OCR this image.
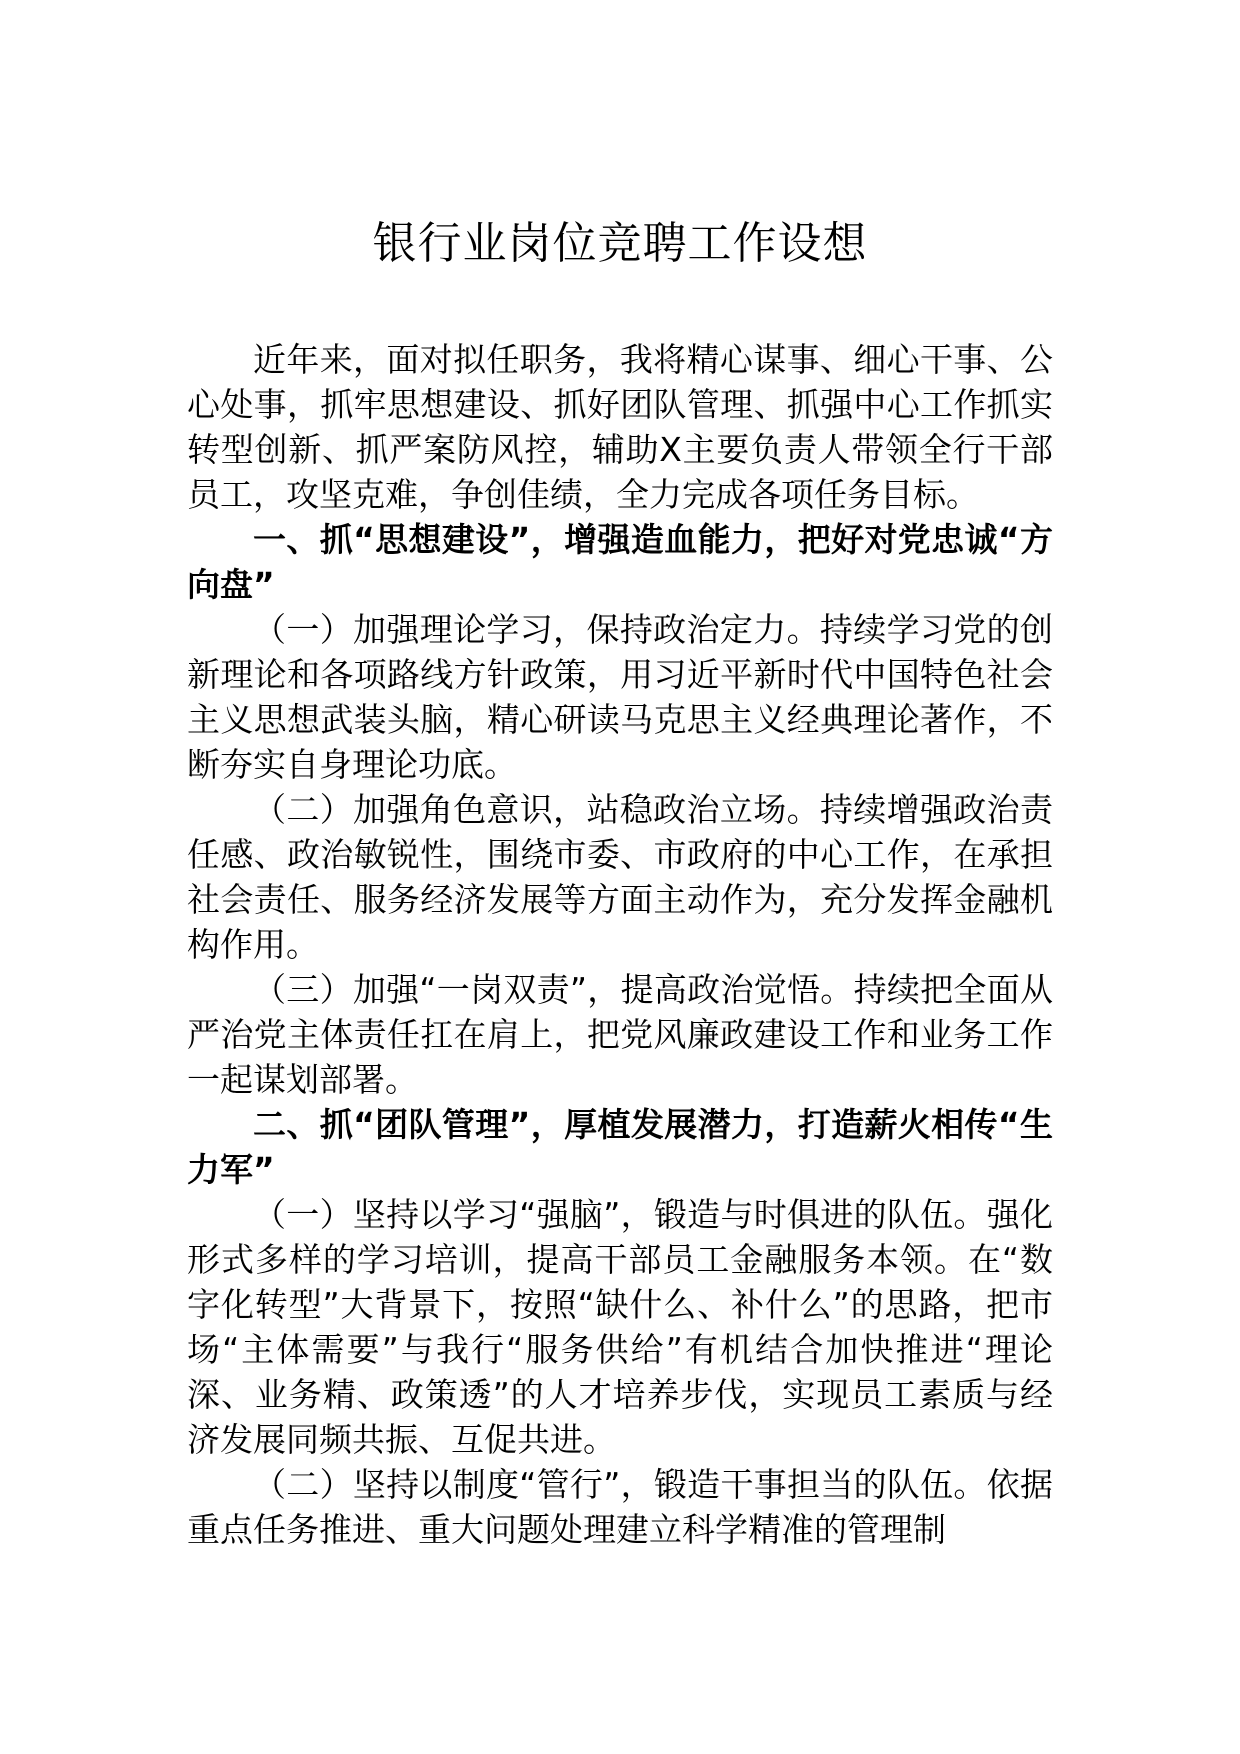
银行业岗位竞聘工作设想

近年来，面对拟任职务，我将精心谋事、细心干事、公心处事，抓牢思想建设、抓好团队管理、抓强中心工作抓实转型创新、抓严案防风控，辅助X主要负责人带领全行干部员工，攻坚克难，争创佳绩，全力完成各项任务目标。

一、抓“思想建设”，增强造血能力，把好对党忠诚“方向盘”

（一）加强理论学习，保持政治定力。持续学习党的创新理论和各项路线方针政策，用习近平新时代中国特色社会主义思想武装头脑，精心研读马克思主义经典理论著作，不断夯实自身理论功底。

（二）加强角色意识，站稳政治立场。持续增强政治责任感、政治敏锐性，围绕市委、市政府的中心工作，在承担社会责任、服务经济发展等方面主动作为，充分发挥金融机构作用。

（三）加强“一岗双责”，提高政治觉悟。持续把全面从严治党主体责任扛在肩上，把党风廉政建设工作和业务工作一起谋划部署。

二、抓“团队管理”，厚植发展潜力，打造薪火相传“生力军”

（一）坚持以学习“强脑”，锻造与时俱进的队伍。强化形式多样的学习培训，提高干部员工金融服务本领。在“数字化转型”大背景下，按照“缺什么、补什么”的思路，把市场“主体需要”与我行“服务供给”有机结合加快推进“理论深、业务精、政策透”的人才培养步伐，实现员工素质与经济发展同频共振、互促共进。

（二）坚持以制度“管行”，锻造干事担当的队伍。依据重点任务推进、重大问题处理建立科学精准的管理制
